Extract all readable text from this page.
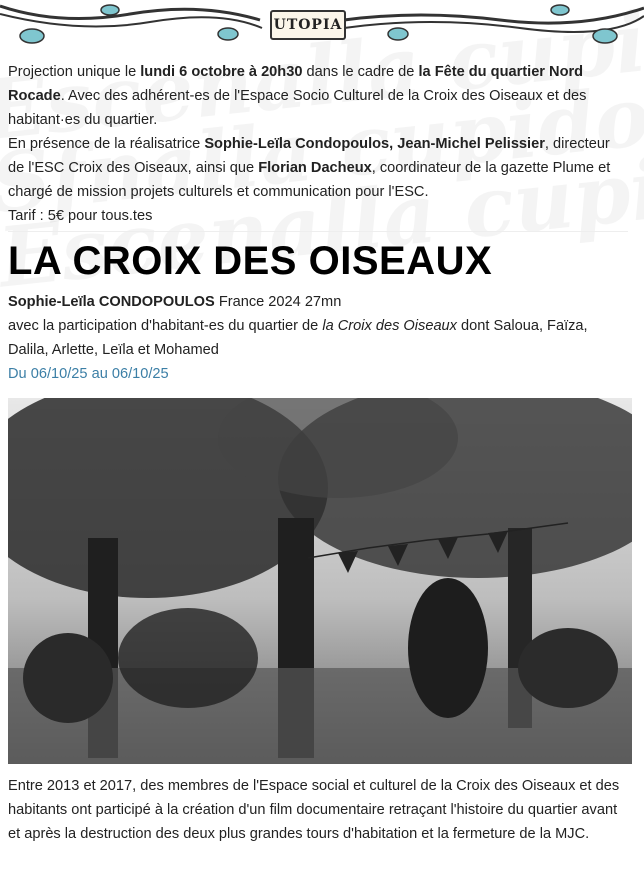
UTOPIA

Projection unique le lundi 6 octobre à 20h30 dans le cadre de la Fête du quartier Nord Rocade. Avec des adhérent-es de l'Espace Socio Culturel de la Croix des Oiseaux et des habitant·es du quartier.

En présence de la réalisatrice Sophie-Leïla Condopoulos, Jean-Michel Pelissier, directeur de l'ESC Croix des Oiseaux, ainsi que Florian Dacheux, coordinateur de la gazette Plume et chargé de mission projets culturels et communication pour l'ESC.

Tarif : 5€ pour tous.tes

LA CROIX DES OISEAUX

Sophie-Leïla CONDOPOULOS France 2024 27mn

avec la participation d'habitant-es du quartier de la Croix des Oiseaux dont Saloua, Faïza, Dalila, Arlette, Leïla et Mohamed

Du 06/10/25 au 06/10/25

Entre 2013 et 2017, des membres de l'Espace social et culturel de la Croix des Oiseaux et des habitants ont participé à la création d'un film documentaire retraçant l'histoire du quartier avant et après la destruction des deux plus grandes tours d'habitation et la fermeture de la MJC.
